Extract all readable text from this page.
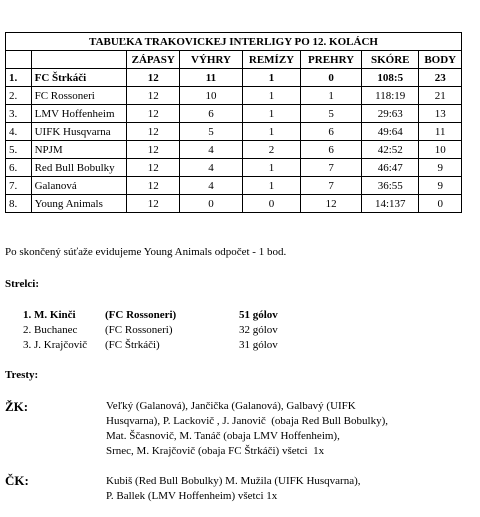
TABUĽKA TRAKOVICKEJ INTERLIGY PO 12. KOLÁCH							
		ZÁPASY	VÝHRY	REMÍZY	PREHRY	SKÓRE	BODY
1.	FC Štrkáči	12	11	1	0	108:5	23
2.	FC Rossoneri	12	10	1	1	118:19	21
3.	LMV Hoffenheim	12	6	1	5	29:63	13
4.	UIFK Husqvarna	12	5	1	6	49:64	11
5.	NPJM	12	4	2	6	42:52	10
6.	Red Bull Bobulky	12	4	1	7	46:47	9
7.	Galanová	12	4	1	7	36:55	9
8.	Young Animals	12	0	0	12	14:137	0
Po skončený súťaže evidujeme Young Animals odpočet - 1 bod.
Strelci:
1. M. Kinči	(FC Rossoneri)	51 gólov
2. Buchanec	(FC Rossoneri)	32 gólov
3. J. Krajčovič (FC Štrkáči)	31 gólov
Tresty:
ŽK:	Veľký (Galanová), Jančička (Galanová), Galbavý (UIFK
Husqvarna), P. Lackovič , J. Janovič  (obaja Red Bull Bobulky),
Mat. Ščasnovič, M. Tanáč (obaja LMV Hoffenheim),
Srnec, M. Krajčovič (obaja FC Štrkáči) všetci  1x
ČK:	Kubiš (Red Bull Bobulky) M. Mužila (UIFK Husqvarna),
P. Ballek (LMV Hoffenheim) všetci 1x
